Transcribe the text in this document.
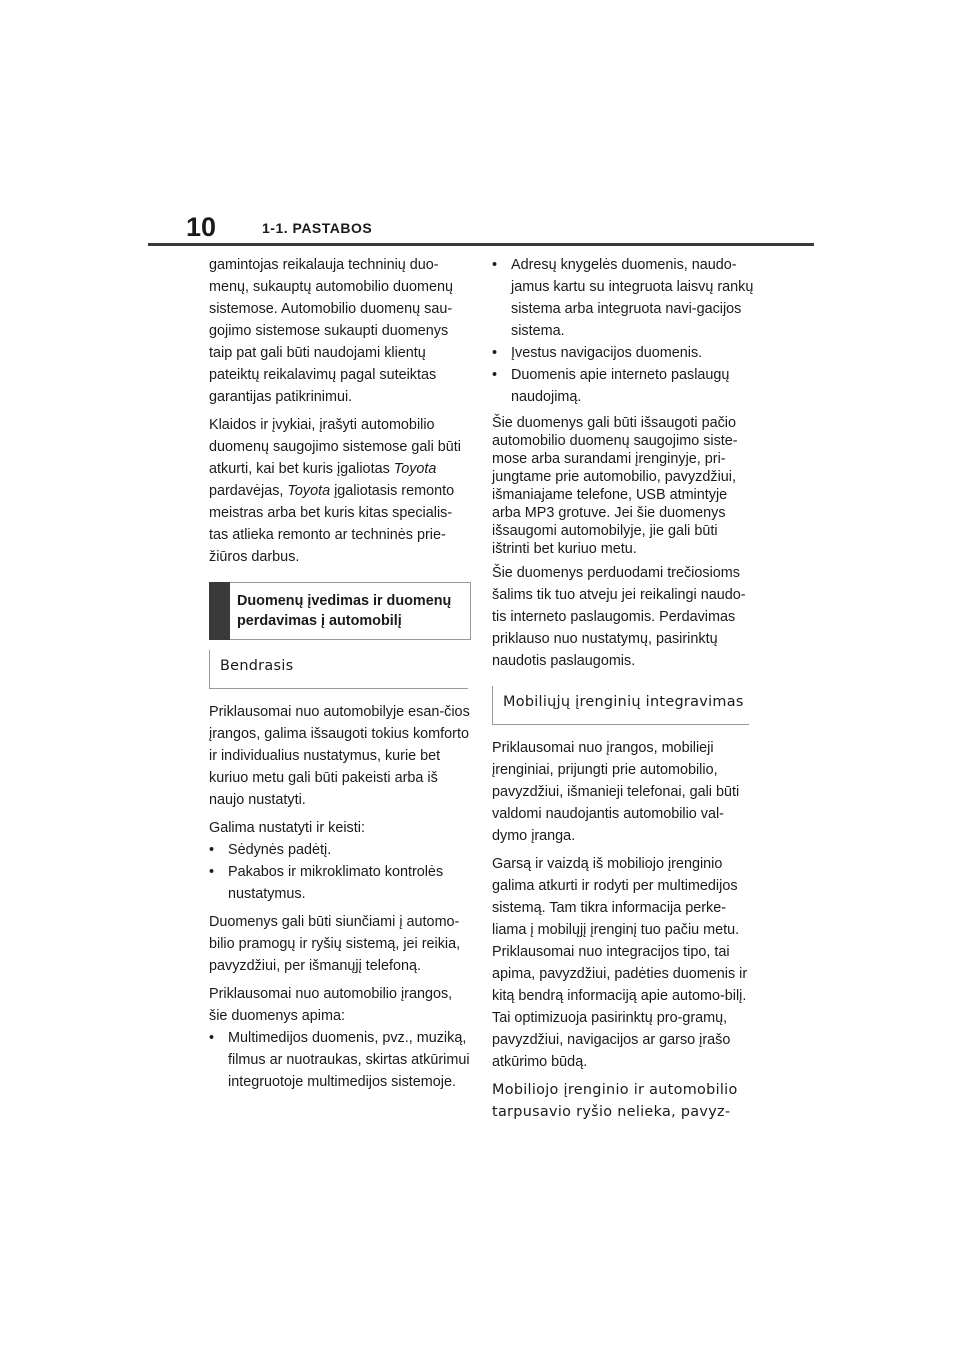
10	1-1. PASTABOS

gamintojas reikalauja techninių duo-menų, sukauptų automobilio duomenų sistemose. Automobilio duomenų sau-gojimo sistemose sukaupti duomenys taip pat gali būti naudojami klientų pateiktų reikalavimų pagal suteiktas garantijas patikrinimui.

Klaidos ir įvykiai, įrašyti automobilio duomenų saugojimo sistemose gali būti atkurti, kai bet kuris įgaliotas Toyota pardavėjas, Toyota įgaliotasis remonto meistras arba bet kuris kitas specialis-tas atlieka remonto ar techninės prie-žiūros darbus.

Duomenų įvedimas ir duomenų perdavimas į automobilį
Bendrasis

Priklausomai nuo automobilyje esan-čios įrangos, galima išsaugoti tokius komforto ir individualius nustatymus, kurie bet kuriuo metu gali būti pakeisti arba iš naujo nustatyti.

Galima nustatyti ir keisti:

• Sėdynės padėtį.
• Pakabos ir mikroklimato kontrolės nustatymus.

Duomenys gali būti siunčiami į automo-bilio pramogų ir ryšių sistemą, jei reikia, pavyzdžiui, per išmanųjį telefoną.

Priklausomai nuo automobilio įrangos, šie duomenys apima:

• Multimedijos duomenis, pvz., muziką, filmus ar nuotraukas, skirtas atkūrimui integruotoje multimedijos sistemoje.
• Adresų knygelės duomenis, naudo-jamus kartu su integruota laisvų rankų sistema arba integruota navi-gacijos sistema.
• Įvestus navigacijos duomenis.
• Duomenis apie interneto paslaugų naudojimą.

Šie duomenys gali būti išsaugoti pačio automobilio duomenų saugojimo siste-mose arba surandami įrenginyje, pri-jungtame prie automobilio, pavyzdžiui, išmaniajame telefone, USB atmintyje arba MP3 grotuve. Jei šie duomenys išsaugomi automobilyje, jie gali būti ištrinti bet kuriuo metu.

Šie duomenys perduodami trečiosioms šalims tik tuo atveju jei reikalingi naudo-tis interneto paslaugomis. Perdavimas priklauso nuo nustatymų, pasirinktų naudotis paslaugomis.

Mobiliųjų įrenginių integravimas

Priklausomai nuo įrangos, mobilieji įrenginiai, prijungti prie automobilio, pavyzdžiui, išmanieji telefonai, gali būti valdomi naudojantis automobilio val-dymo įranga.

Garsą ir vaizdą iš mobiliojo įrenginio galima atkurti ir rodyti per multimedijos sistemą. Tam tikra informacija perke-liama į mobilųjį įrenginį tuo pačiu metu. Priklausomai nuo integracijos tipo, tai apima, pavyzdžiui, padėties duomenis ir kitą bendrą informaciją apie automo-bilį. Tai optimizuoja pasirinktų pro-gramų, pavyzdžiui, navigacijos ar garso įrašo atkūrimo būdą.

Mobiliojo įrenginio ir automobilio tarpusavio ryšio nelieka, pavyz-
